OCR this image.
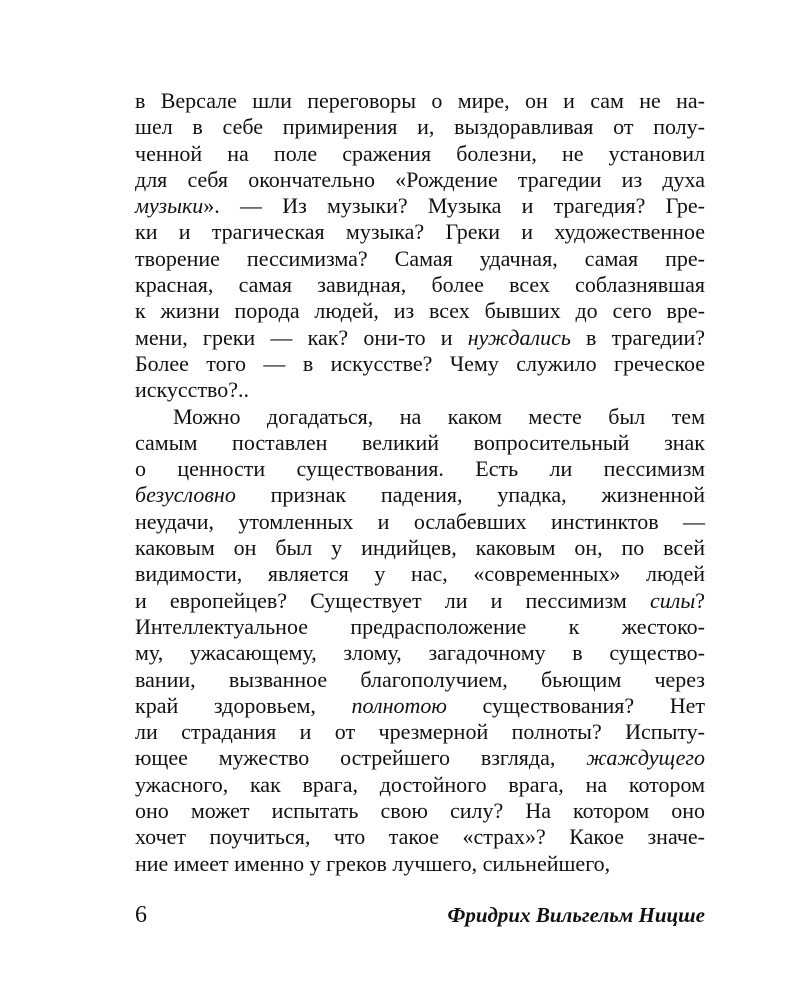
в Версале шли переговоры о мире, он и сам не на-
шел в себе примирения и, выздоравливая от полу-
ченной на поле сражения болезни, не установил
для себя окончательно «Рождение трагедии из духа
музыки». — Из музыки? Музыка и трагедия? Гре-
ки и трагическая музыка? Греки и художественное
творение пессимизма? Самая удачная, самая пре-
красная, самая завидная, более всех соблазнявшая
к жизни порода людей, из всех бывших до сего вре-
мени, греки — как? они-то и нуждались в трагедии?
Более того — в искусстве? Чему служило греческое
искусство?..
Можно догадаться, на каком месте был тем
самым поставлен великий вопросительный знак
о ценности существования. Есть ли пессимизм
безусловно признак падения, упадка, жизненной
неудачи, утомленных и ослабевших инстинктов —
каковым он был у индийцев, каковым он, по всей
видимости, является у нас, «современных» людей
и европейцев? Существует ли и пессимизм силы?
Интеллектуальное предрасположение к жестоко-
му, ужасающему, злому, загадочному в существо-
вании, вызванное благополучием, бьющим через
край здоровьем, полнотою существования? Нет
ли страдания и от чрезмерной полноты? Испыту-
ющее мужество острейшего взгляда, жаждущего
ужасного, как врага, достойного врага, на котором
оно может испытать свою силу? На котором оно
хочет поучиться, что такое «страх»? Какое значе-
ние имеет именно у греков лучшего, сильнейшего,
6	Фридрих Вильгельм Ницше
